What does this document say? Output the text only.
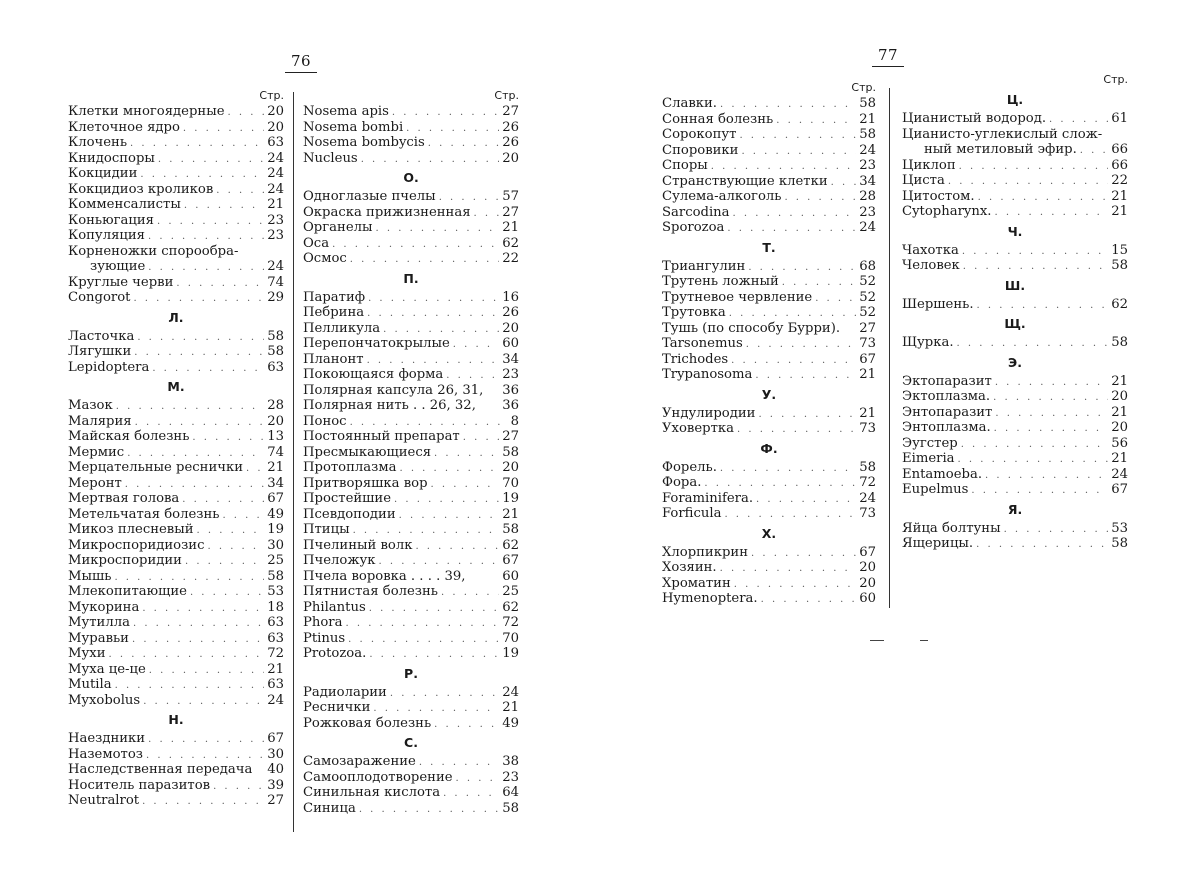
76
Стр.
Клетки многоядерные . . .	20
Клеточное ядро . . .	20
Клочень . . .	63
Книдоспоры . . .	24
Кокцидии . . .	24
Кокцидиоз кроликов . . .	24
Комменсалисты . . .	21
Коньюгация . . .	23
Копуляция . . .	23
Корненожки спорообра-
зующие . . .	24
Круглые черви . . .	74
Congorot . . .	29
Л.
Ласточка . . .	58
Лягушки . . .	58
Lepidoptera . . .	63
М.
Мазок . . .	28
Малярия . . .	20
Майская болезнь . . .	13
Мермис . . .	74
Мерцательные реснички . . . 21
Меронт . . .	34
Мертвая голова . . .	67
Метельчатая болезнь . . .	49
Микоз плесневый . . .	19
Микроспоридиозис . . .	30
Микроспоридии . . .	25
Мышь . . .	58
Млекопитающие . . .	53
Мукорина . . .	18
Мутилла . . .	63
Муравьи . . .	63
Мухи . . .	72
Муха це-це . . .	21
Mutila . . .	63
Myxobolus . . .	24
Н.
Наездники . . .	67
Наземотоз . . .	30
Наследственная передача 40
Носитель паразитов . . .	39
Neutralrot . . .	27
Стр.
Nosema apis . . .	27
Nosema bombi . . .	26
Nosema bombycis . . .	26
Nucleus . . .	20
О.
Одноглазые пчелы . . .	57
Окраска прижизненная . . . 27
Органелы . . .	21
Оса . . .	62
Осмос . . .	22
П.
Паратиф . . .	16
Пебрина . . .	26
Пелликула . . .	20
Перепончатокрылые . . .	60
Планонт . . .	34
Покоющаяся форма . . .	23
Полярная капсула 26, 31, 36
Полярная нить . . 26, 32, 36
Понос . . .	8
Постоянный препарат . . .	27
Пресмыкающиеся . . .	58
Протоплазма . . .	20
Притворяшка вор . . .	70
Простейшие . . .	19
Псевдоподии . . .	21
Птицы . . .	58
Пчелиный волк . . .	62
Пчеложук . . .	67
Пчела воровка . . . . 39,	60
Пятнистая болезнь . . .	25
Philantus . . .	62
Phora . . .	72
Ptinus . . .	70
Protozoa. . . .	19
Р.
Радиоларии . . .	24
Реснички . . .	21
Рожковая болезнь . . .	49
С.
Самозаражение . . .	38
Самооплодотворение . . .	23
Синильная кислота . . .	64
Синица . . .	58
77
Стр.
Славки. . . .	58
Сонная болезнь . . .	21
Сорокопут . . .	58
Споровики . . .	24
Споры . . .	23
Странствующие клетки . . . 34
Сулема-алкоголь . . .	28
Sarcodina . . .	23
Sporozoa . . .	24
Т.
Триангулин . . .	68
Трутень ложный . . .	52
Трутневое червление . . .	52
Трутовка . . .	52
Тушь (по способу Бурри). 27
Tarsonemus . . .	73
Trichodes . . .	67
Trypanosoma . . .	21
У.
Ундулиродии . . .	21
Уховертка . . .	73
Ф.
Форель. . . .	58
Фора. . . .	72
Foraminifera. . . .	24
Forficula . . .	73
Х.
Хлорпикрин . . .	67
Хозяин. . . .	20
Хроматин . . .	20
Hymenoptera. . . .	60
Стр.
Ц.
Цианистый водород. . . .	61
Цианисто-углекислый слож-
ный метиловый эфир. . . .	66
Циклоп . . .	66
Циста . . .	22
Цитостом. . . .	21
Cytopharynx. . . .	21
Ч.
Чахотка . . .	15
Человек . . .	58
Ш.
Шершень. . . .	62
Щ.
Щурка. . . .	58
Э.
Эктопаразит . . .	21
Эктоплазма. . . .	20
Энтопаразит . . .	21
Энтоплазма. . . .	20
Эугстер . . .	56
Eimeria . . .	21
Entamoeba. . . .	24
Eupelmus . . .	67
Я.
Яйца болтуны . . .	53
Ящерицы. . . .	58
